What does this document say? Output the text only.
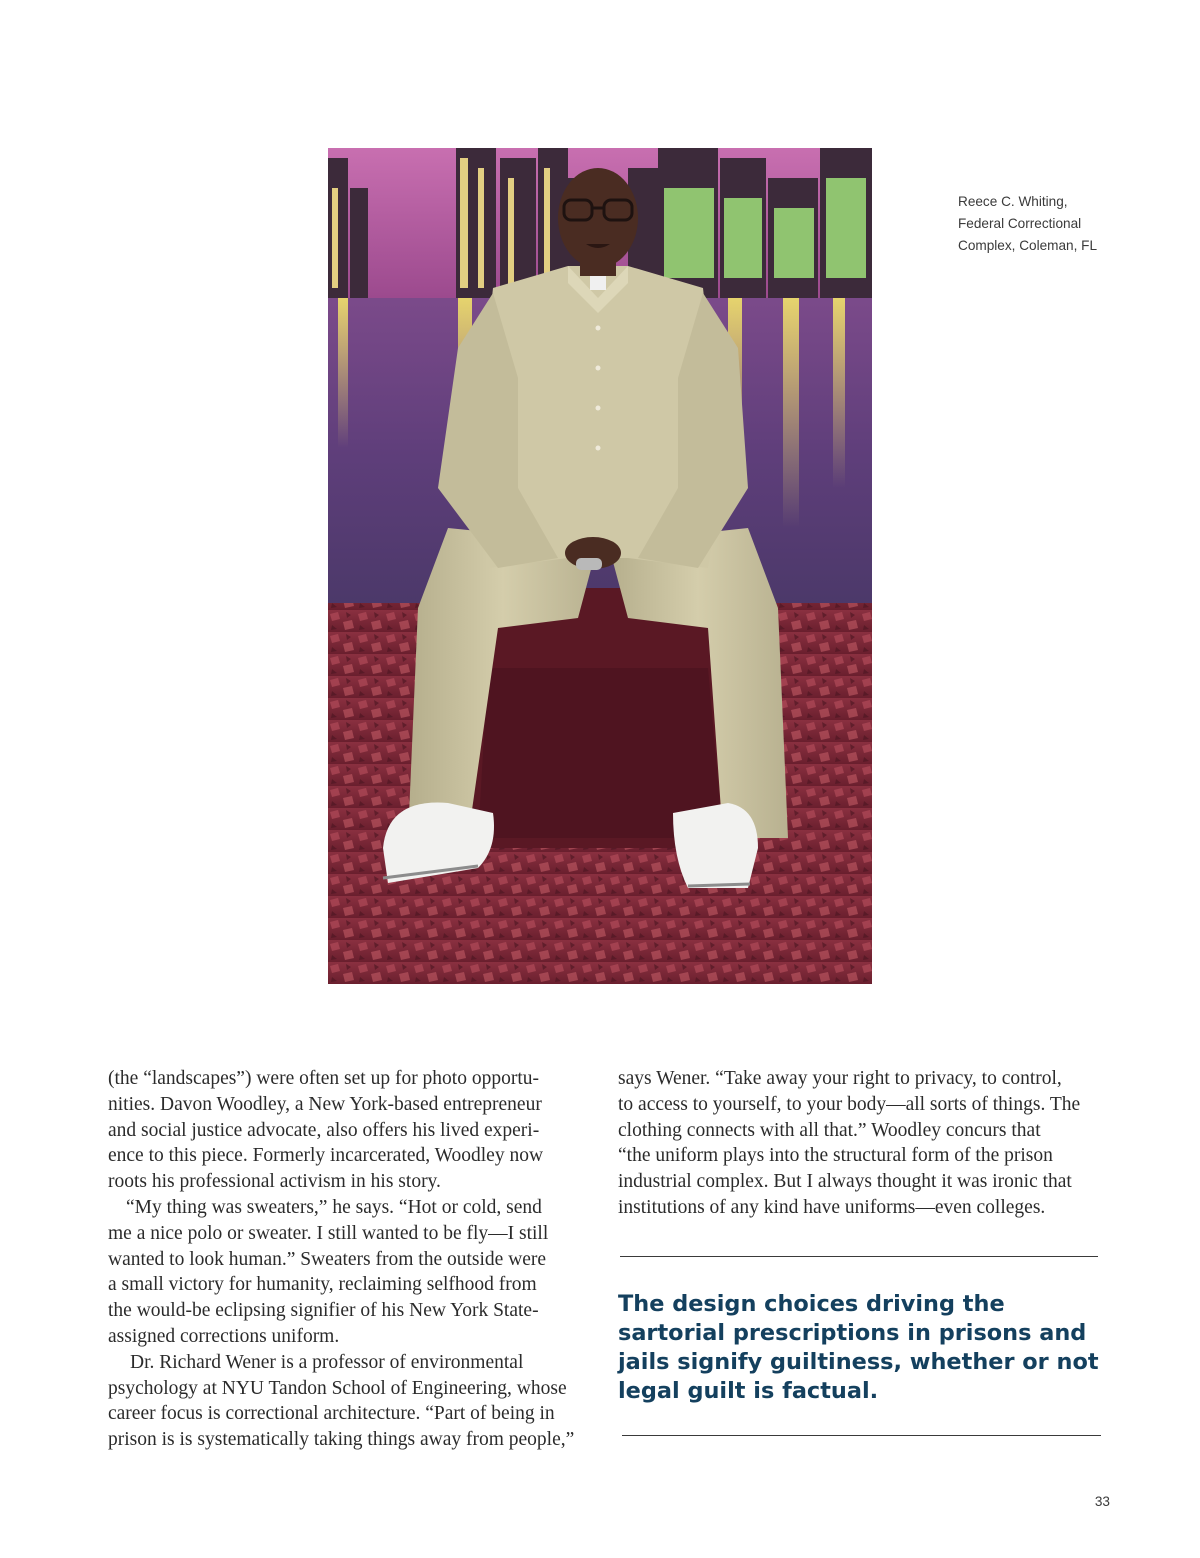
Reece C. Whiting,
Federal Correctional
Complex, Coleman, FL
(the “landscapes”) were often set up for photo opportu-
nities. Davon Woodley, a New York-based entrepreneur
and social justice advocate, also offers his lived experi-
ence to this piece. Formerly incarcerated, Woodley now
roots his professional activism in his story.
“My thing was sweaters,” he says. “Hot or cold, send
me a nice polo or sweater. I still wanted to be fly—I still
wanted to look human.” Sweaters from the outside were
a small victory for humanity, reclaiming selfhood from
the would-be eclipsing signifier of his New York State-
assigned corrections uniform.
Dr. Richard Wener is a professor of environmental
psychology at NYU Tandon School of Engineering, whose
career focus is correctional architecture. “Part of being in
prison is is systematically taking things away from people,”
says Wener. “Take away your right to privacy, to control,
to access to yourself, to your body—all sorts of things. The
clothing connects with all that.” Woodley concurs that
“the uniform plays into the structural form of the prison
industrial complex. But I always thought it was ironic that
institutions of any kind have uniforms—even colleges.
The design choices driving the
sartorial prescriptions in prisons and
jails signify guiltiness, whether or not
legal guilt is factual.
33
